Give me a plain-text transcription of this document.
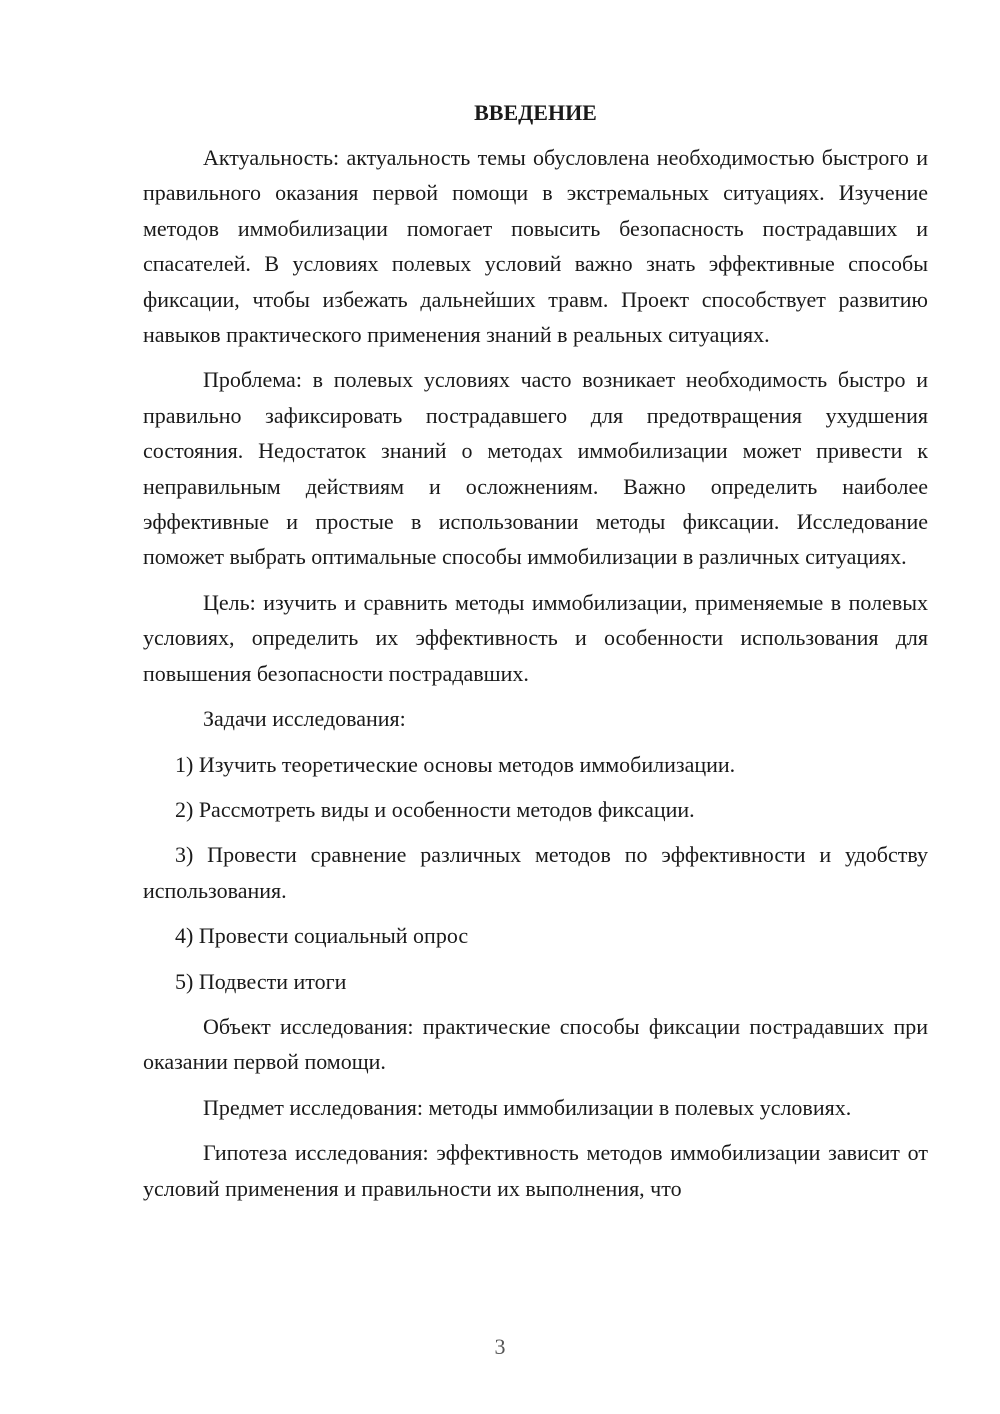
ВВЕДЕНИЕ

Актуальность: актуальность темы обусловлена необходимостью быстрого и правильного оказания первой помощи в экстремальных ситуациях. Изучение методов иммобилизации помогает повысить безопасность пострадавших и спасателей. В условиях полевых условий важно знать эффективные способы фиксации, чтобы избежать дальнейших травм. Проект способствует развитию навыков практического применения знаний в реальных ситуациях.

Проблема: в полевых условиях часто возникает необходимость быстро и правильно зафиксировать пострадавшего для предотвращения ухудшения состояния. Недостаток знаний о методах иммобилизации может привести к неправильным действиям и осложнениям. Важно определить наиболее эффективные и простые в использовании методы фиксации. Исследование поможет выбрать оптимальные способы иммобилизации в различных ситуациях.

Цель: изучить и сравнить методы иммобилизации, применяемые в полевых условиях, определить их эффективность и особенности использования для повышения безопасности пострадавших.

Задачи исследования:

1) Изучить теоретические основы методов иммобилизации.

2) Рассмотреть виды и особенности методов фиксации.

3) Провести сравнение различных методов по эффективности и удобству использования.

4) Провести социальный опрос

5) Подвести итоги

Объект исследования: практические способы фиксации пострадавших при оказании первой помощи.

Предмет исследования: методы иммобилизации в полевых условиях.

Гипотеза исследования: эффективность методов иммобилизации зависит от условий применения и правильности их выполнения, что

3
